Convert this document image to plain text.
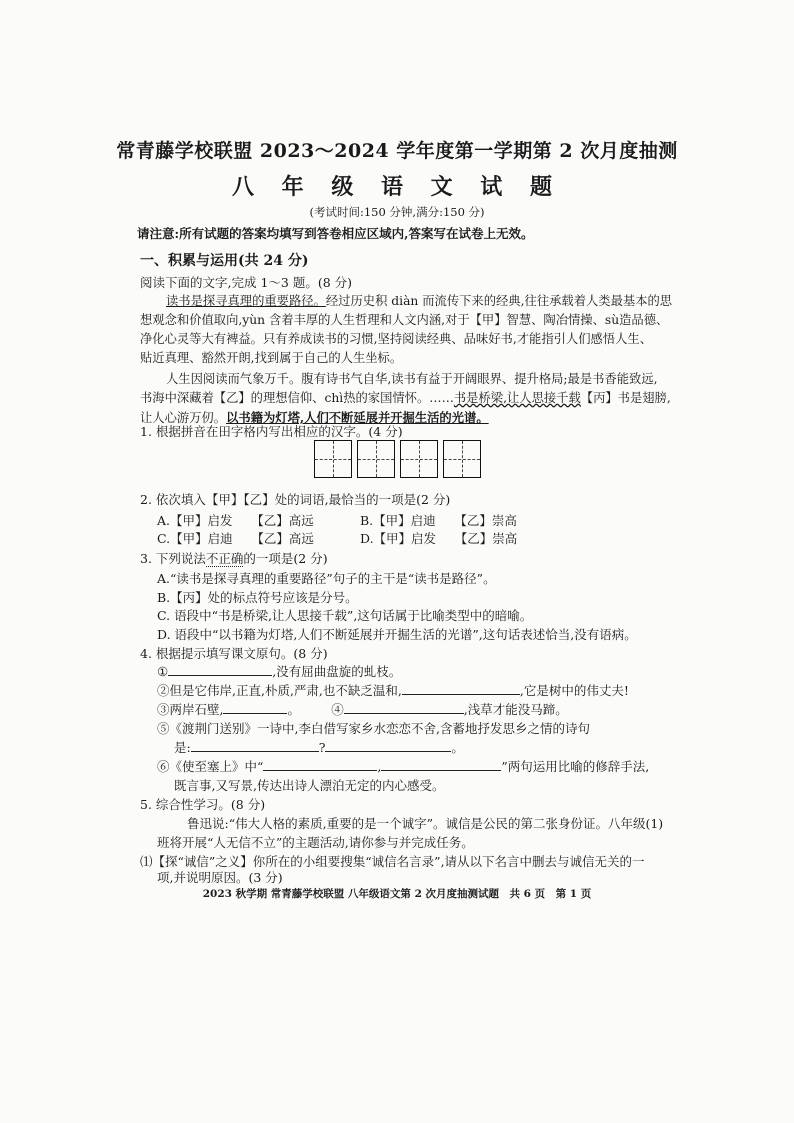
常青藤学校联盟 2023～2024 学年度第一学期第 2 次月度抽测
八 年 级 语 文 试 题
(考试时间:150 分钟,满分:150 分)
请注意:所有试题的答案均填写到答卷相应区域内,答案写在试卷上无效。
一、积累与运用(共 24 分)
阅读下面的文字,完成 1～3 题。(8 分)
读书是探寻真理的重要路径。经过历史积 diàn 而流传下来的经典,往往承载着人类最基本的思
想观念和价值取向,yùn 含着丰厚的人生哲理和人文内涵,对于【甲】智慧、陶冶情操、sù造品德、
净化心灵等大有裨益。只有养成读书的习惯,坚持阅读经典、品味好书,才能指引人们感悟人生、
贴近真理、豁然开朗,找到属于自己的人生坐标。
人生因阅读而气象万千。腹有诗书气自华,读书有益于开阔眼界、提升格局;最是书香能致远,
书海中深藏着【乙】的理想信仰、chì热的家国情怀。……书是桥梁,让人思接千载【丙】书是翅膀,
让人心游万仞。以书籍为灯塔,人们不断延展并开掘生活的光谱。
1. 根据拼音在田字格内写出相应的汉字。(4 分)
2. 依次填入【甲】【乙】处的词语,最恰当的一项是(2 分)
A.【甲】启发　　【乙】高远	B.【甲】启迪　　【乙】崇高
C.【甲】启迪　　【乙】高远	D.【甲】启发　　【乙】崇高
3. 下列说法不正确的一项是(2 分)
A.“读书是探寻真理的重要路径”句子的主干是“读书是路径”。
B.【丙】处的标点符号应该是分号。
C. 语段中“书是桥梁,让人思接千载”,这句话属于比喻类型中的暗喻。
D. 语段中“以书籍为灯塔,人们不断延展并开掘生活的光谱”,这句话表述恰当,没有语病。
4. 根据提示填写课文原句。(8 分)
①	,没有屈曲盘旋的虬枝。
②但是它伟岸,正直,朴质,严肃,也不缺乏温和,	,它是树中的伟丈夫!
③两岸石壁,	。　　　④	,浅草才能没马蹄。
⑤《渡荆门送别》一诗中,李白借写家乡水恋恋不舍,含蓄地抒发思乡之情的诗句
是:	?	。
⑥《使至塞上》中“	,	”两句运用比喻的修辞手法,
既言事,又写景,传达出诗人漂泊无定的内心感受。
5. 综合性学习。(8 分)
鲁迅说:“伟大人格的素质,重要的是一个诚字”。诚信是公民的第二张身份证。八年级(1)
班将开展“人无信不立”的主题活动,请你参与并完成任务。
⑴【探“诚信”之义】你所在的小组要搜集“诚信名言录”,请从以下名言中删去与诚信无关的一
项,并说明原因。(3 分)
2023 秋学期 常青藤学校联盟 八年级语文第 2 次月度抽测试题　共 6 页　第 1 页
